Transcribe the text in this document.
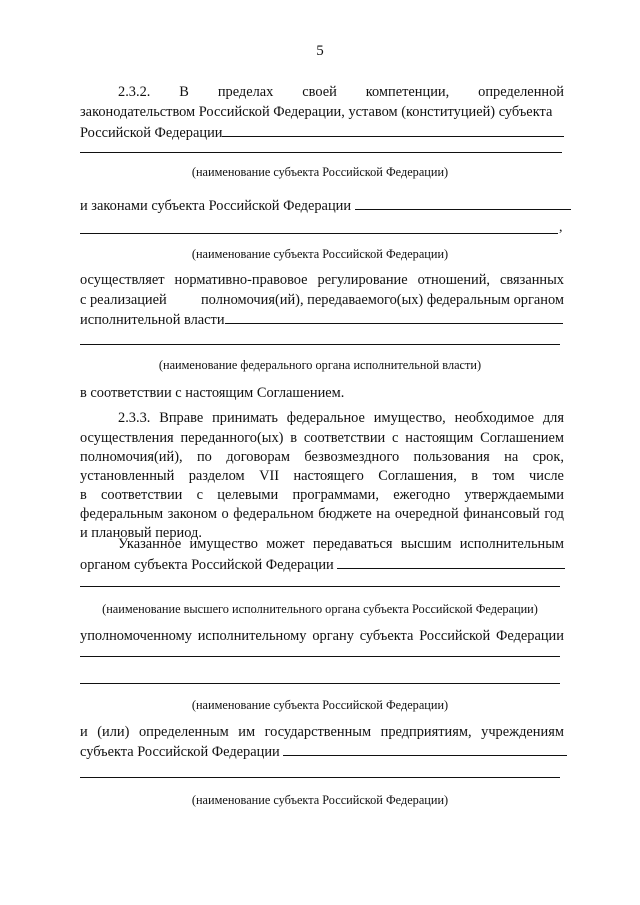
5
2.3.2. В пределах своей компетенции, определенной
законодательством Российской Федерации, уставом (конституцией) субъекта
Российской Федерации
(наименование субъекта Российской Федерации)
и законами субъекта Российской Федерации
,
(наименование субъекта Российской Федерации)
осуществляет нормативно-правовое регулирование отношений, связанных
с реализацией полномочия(ий), передаваемого(ых) федеральным органом
исполнительной власти
(наименование федерального органа исполнительной власти)
в соответствии с настоящим Соглашением.
2.3.3. Вправе принимать федеральное имущество, необходимое для
осуществления переданного(ых) в соответствии с настоящим Соглашением
полномочия(ий), по договорам безвозмездного пользования на срок,
установленный разделом VII настоящего Соглашения, в том числе
в соответствии с целевыми программами, ежегодно утверждаемыми
федеральным законом о федеральном бюджете на очередной финансовый год
и плановый период.
Указанное имущество может передаваться высшим исполнительным
органом субъекта Российской Федерации
(наименование высшего исполнительного органа субъекта Российской Федерации)
уполномоченному исполнительному органу субъекта Российской Федерации
(наименование субъекта Российской Федерации)
и (или) определенным им государственным предприятиям, учреждениям
субъекта Российской Федерации
(наименование субъекта Российской Федерации)
